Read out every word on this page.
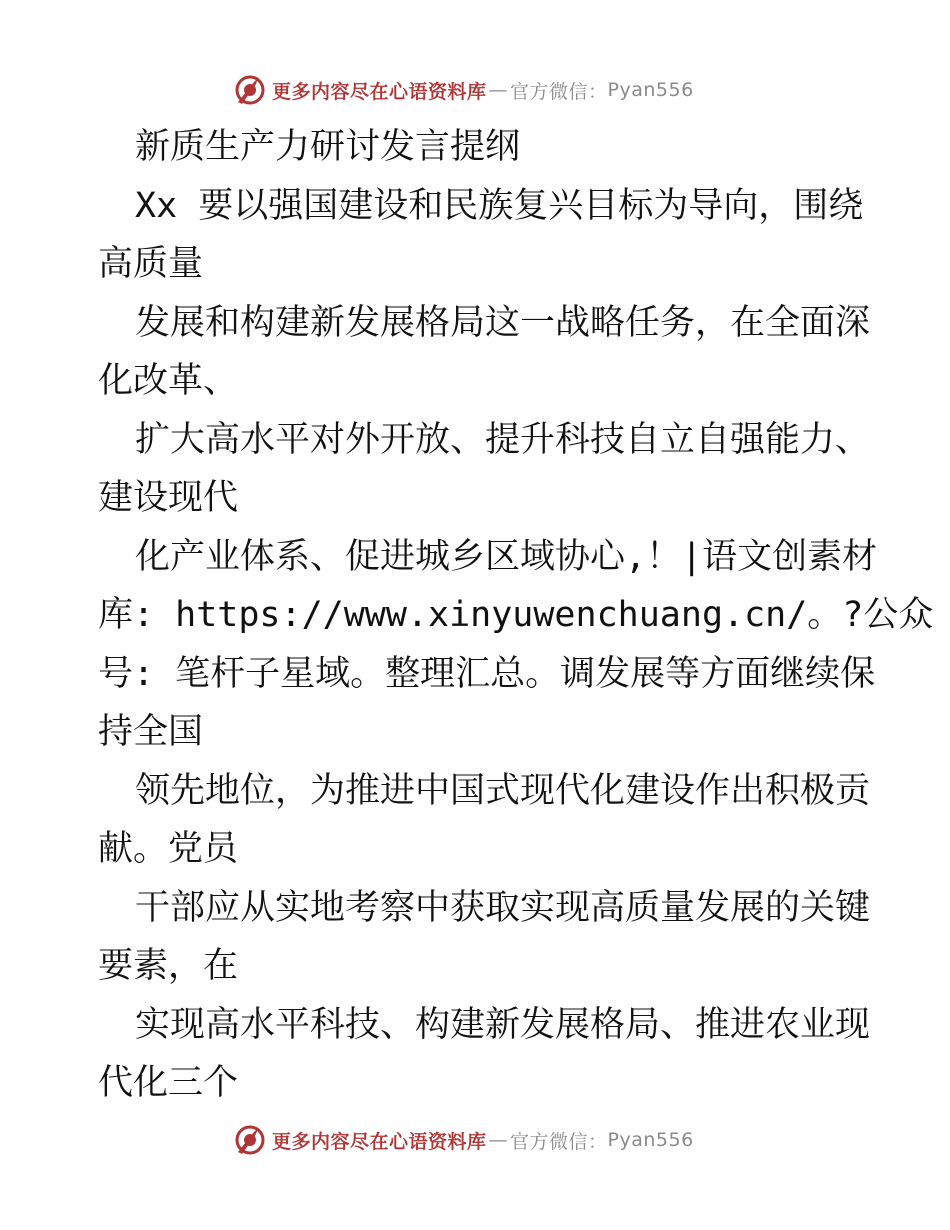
更多内容尽在心语资料库 — 官方微信： Pyan556
新质生产力研讨发言提纲
Xx 要以强国建设和民族复兴目标为导向，围绕
高质量
发展和构建新发展格局这一战略任务，在全面深
化改革、
扩大高水平对外开放、提升科技自立自强能力、
建设现代
化产业体系、促进城乡区域协心,！|语文创素材
库: https://www.xinyuwenchuang.cn/。?公众
号: 笔杆子星域。整理汇总。调发展等方面继续保
持全国
领先地位，为推进中国式现代化建设作出积极贡
献。党员
干部应从实地考察中获取实现高质量发展的关键
要素，在
实现高水平科技、构建新发展格局、推进农业现
代化三个
更多内容尽在心语资料库 — 官方微信： Pyan556
